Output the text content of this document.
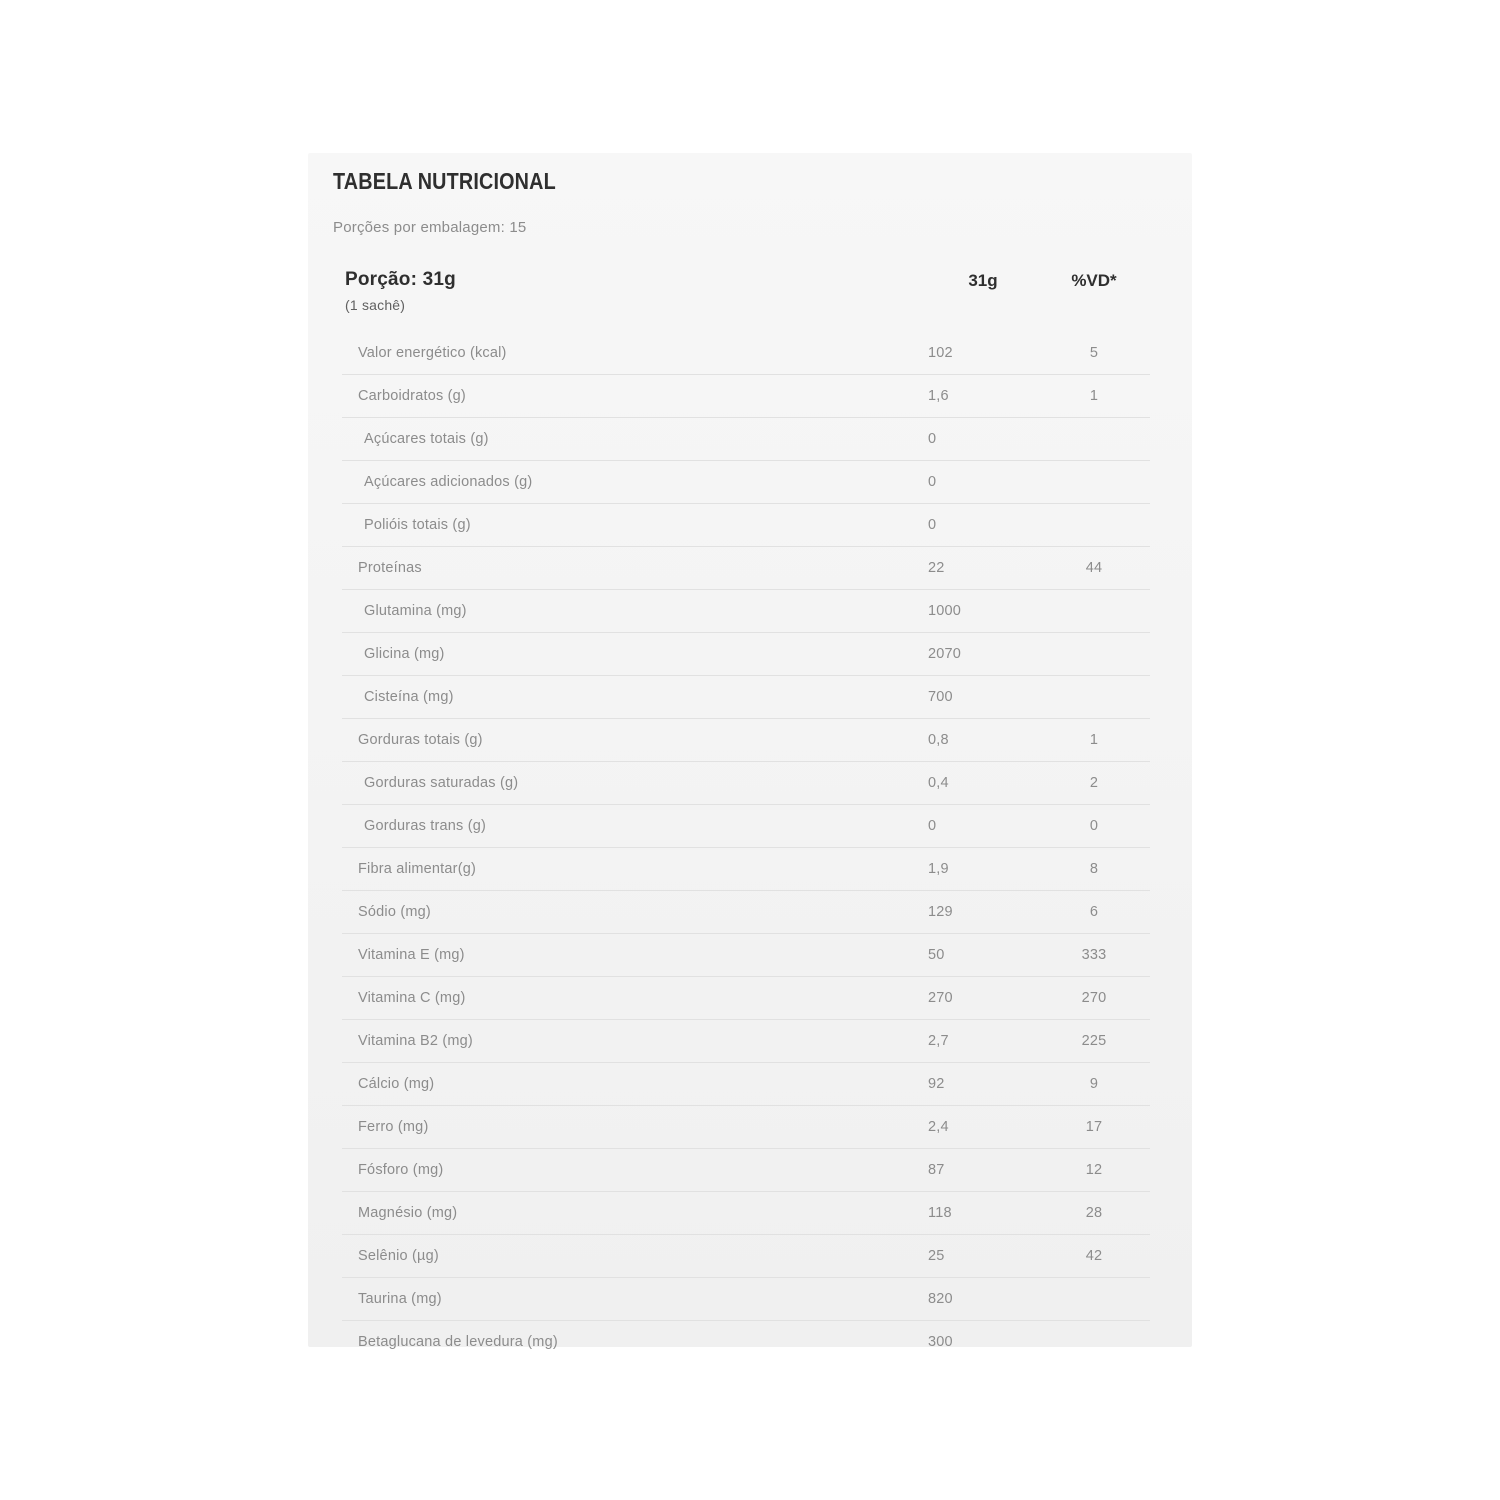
TABELA NUTRICIONAL
Porções por embalagem: 15
Porção: 31g
(1 sachê)
31g	%VD*
Valor energético (kcal)	102	5
Carboidratos (g)	1,6	1
Açúcares totais (g)	0
Açúcares adicionados (g)	0
Polióis totais (g)	0
Proteínas	22	44
Glutamina (mg)	1000
Glicina (mg)	2070
Cisteína (mg)	700
Gorduras totais (g)	0,8	1
Gorduras saturadas (g)	0,4	2
Gorduras trans (g)	0	0
Fibra alimentar(g)	1,9	8
Sódio (mg)	129	6
Vitamina E (mg)	50	333
Vitamina C (mg)	270	270
Vitamina B2 (mg)	2,7	225
Cálcio (mg)	92	9
Ferro (mg)	2,4	17
Fósforo (mg)	87	12
Magnésio (mg)	118	28
Selênio (µg)	25	42
Taurina (mg)	820
Betaglucana de levedura (mg)	300
